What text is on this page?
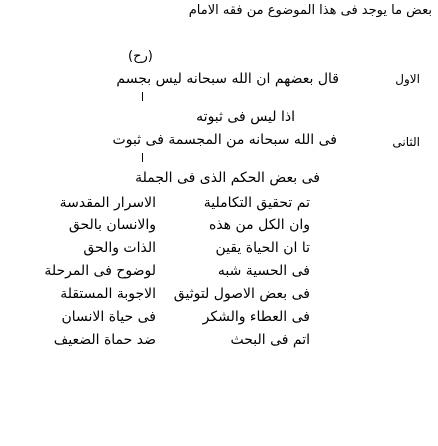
بعض ما یوجد فی هذا الموضوع من فقه الامام
(رح)
قال بعضهم ان الله سبحانه لیس بجسم	الاول
اذا لیس فی ثبوته
فی الله سبحانه من المجسمة فی ثبوت	الثانی
فی بعض الحکم الذی فی الجملة
الاسرار المقدسة
والانسان بالحق
الذات والحق
لوضوح فی المرحلة
الاجوبة المستقلة
فی حیاة الانسان
ضد حماة الضعیف
تم تحقیق التکاملیة
وان الکل من هذه
تا ان الحیاة یقین
فی الحسیة شبه
فی بعض الاصول لتوثیق
فی العطاء والشکر
اتم فی البحث
